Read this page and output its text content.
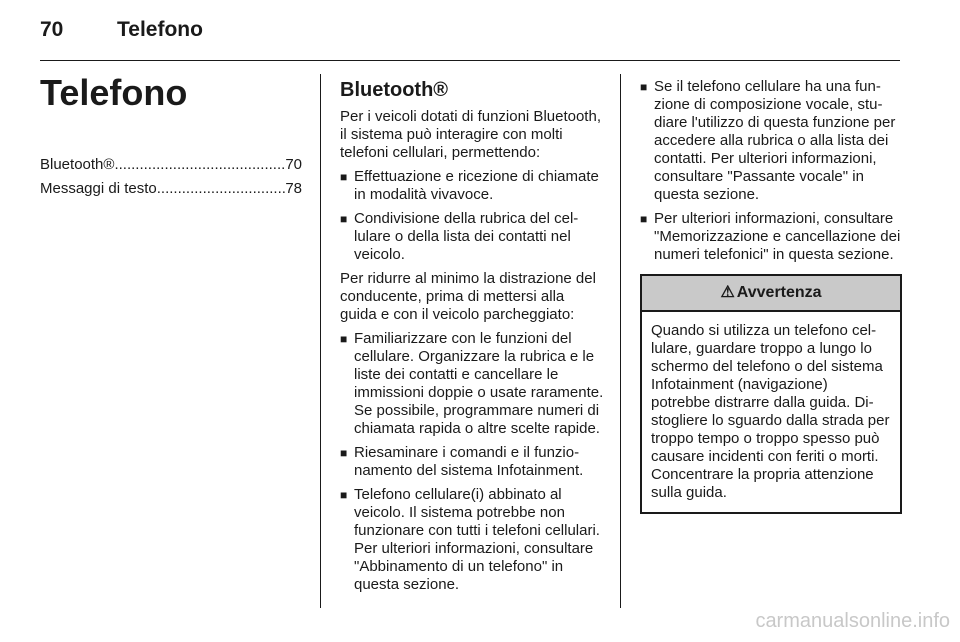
70	Telefono
Telefono
Bluetooth® .....	70
Messaggi di testo .....	78
Bluetooth®

Per i veicoli dotati di funzioni Bluetooth, il sistema può interagire con molti telefoni cellulari, permettendo:

■ Effettuazione e ricezione di chiamate in modalità vivavoce.
■ Condivisione della rubrica del cellulare o della lista dei contatti nel veicolo.

Per ridurre al minimo la distrazione del conducente, prima di mettersi alla guida e con il veicolo parcheggiato:

■ Familiarizzare con le funzioni del cellulare. Organizzare la rubrica e le liste dei contatti e cancellare le immissioni doppie o usate raramente. Se possibile, programmare numeri di chiamata rapida o altre scelte rapide.
■ Riesaminare i comandi e il funzionamento del sistema Infotainment.
■ Telefono cellulare(i) abbinato al veicolo. Il sistema potrebbe non funzionare con tutti i telefoni cellulari. Per ulteriori informazioni, consultare "Abbinamento di un telefono" in questa sezione.
■ Se il telefono cellulare ha una funzione di composizione vocale, studiare l'utilizzo di questa funzione per accedere alla rubrica o alla lista dei contatti. Per ulteriori informazioni, consultare "Passante vocale" in questa sezione.
■ Per ulteriori informazioni, consultare "Memorizzazione e cancellazione dei numeri telefonici" in questa sezione.
⚠ Avvertenza
Quando si utilizza un telefono cellulare, guardare troppo a lungo lo schermo del telefono o del sistema Infotainment (navigazione) potrebbe distrarre dalla guida. Distogliere lo sguardo dalla strada per troppo tempo o troppo spesso può causare incidenti con feriti o morti. Concentrare la propria attenzione sulla guida.
carmanualsonline.info
